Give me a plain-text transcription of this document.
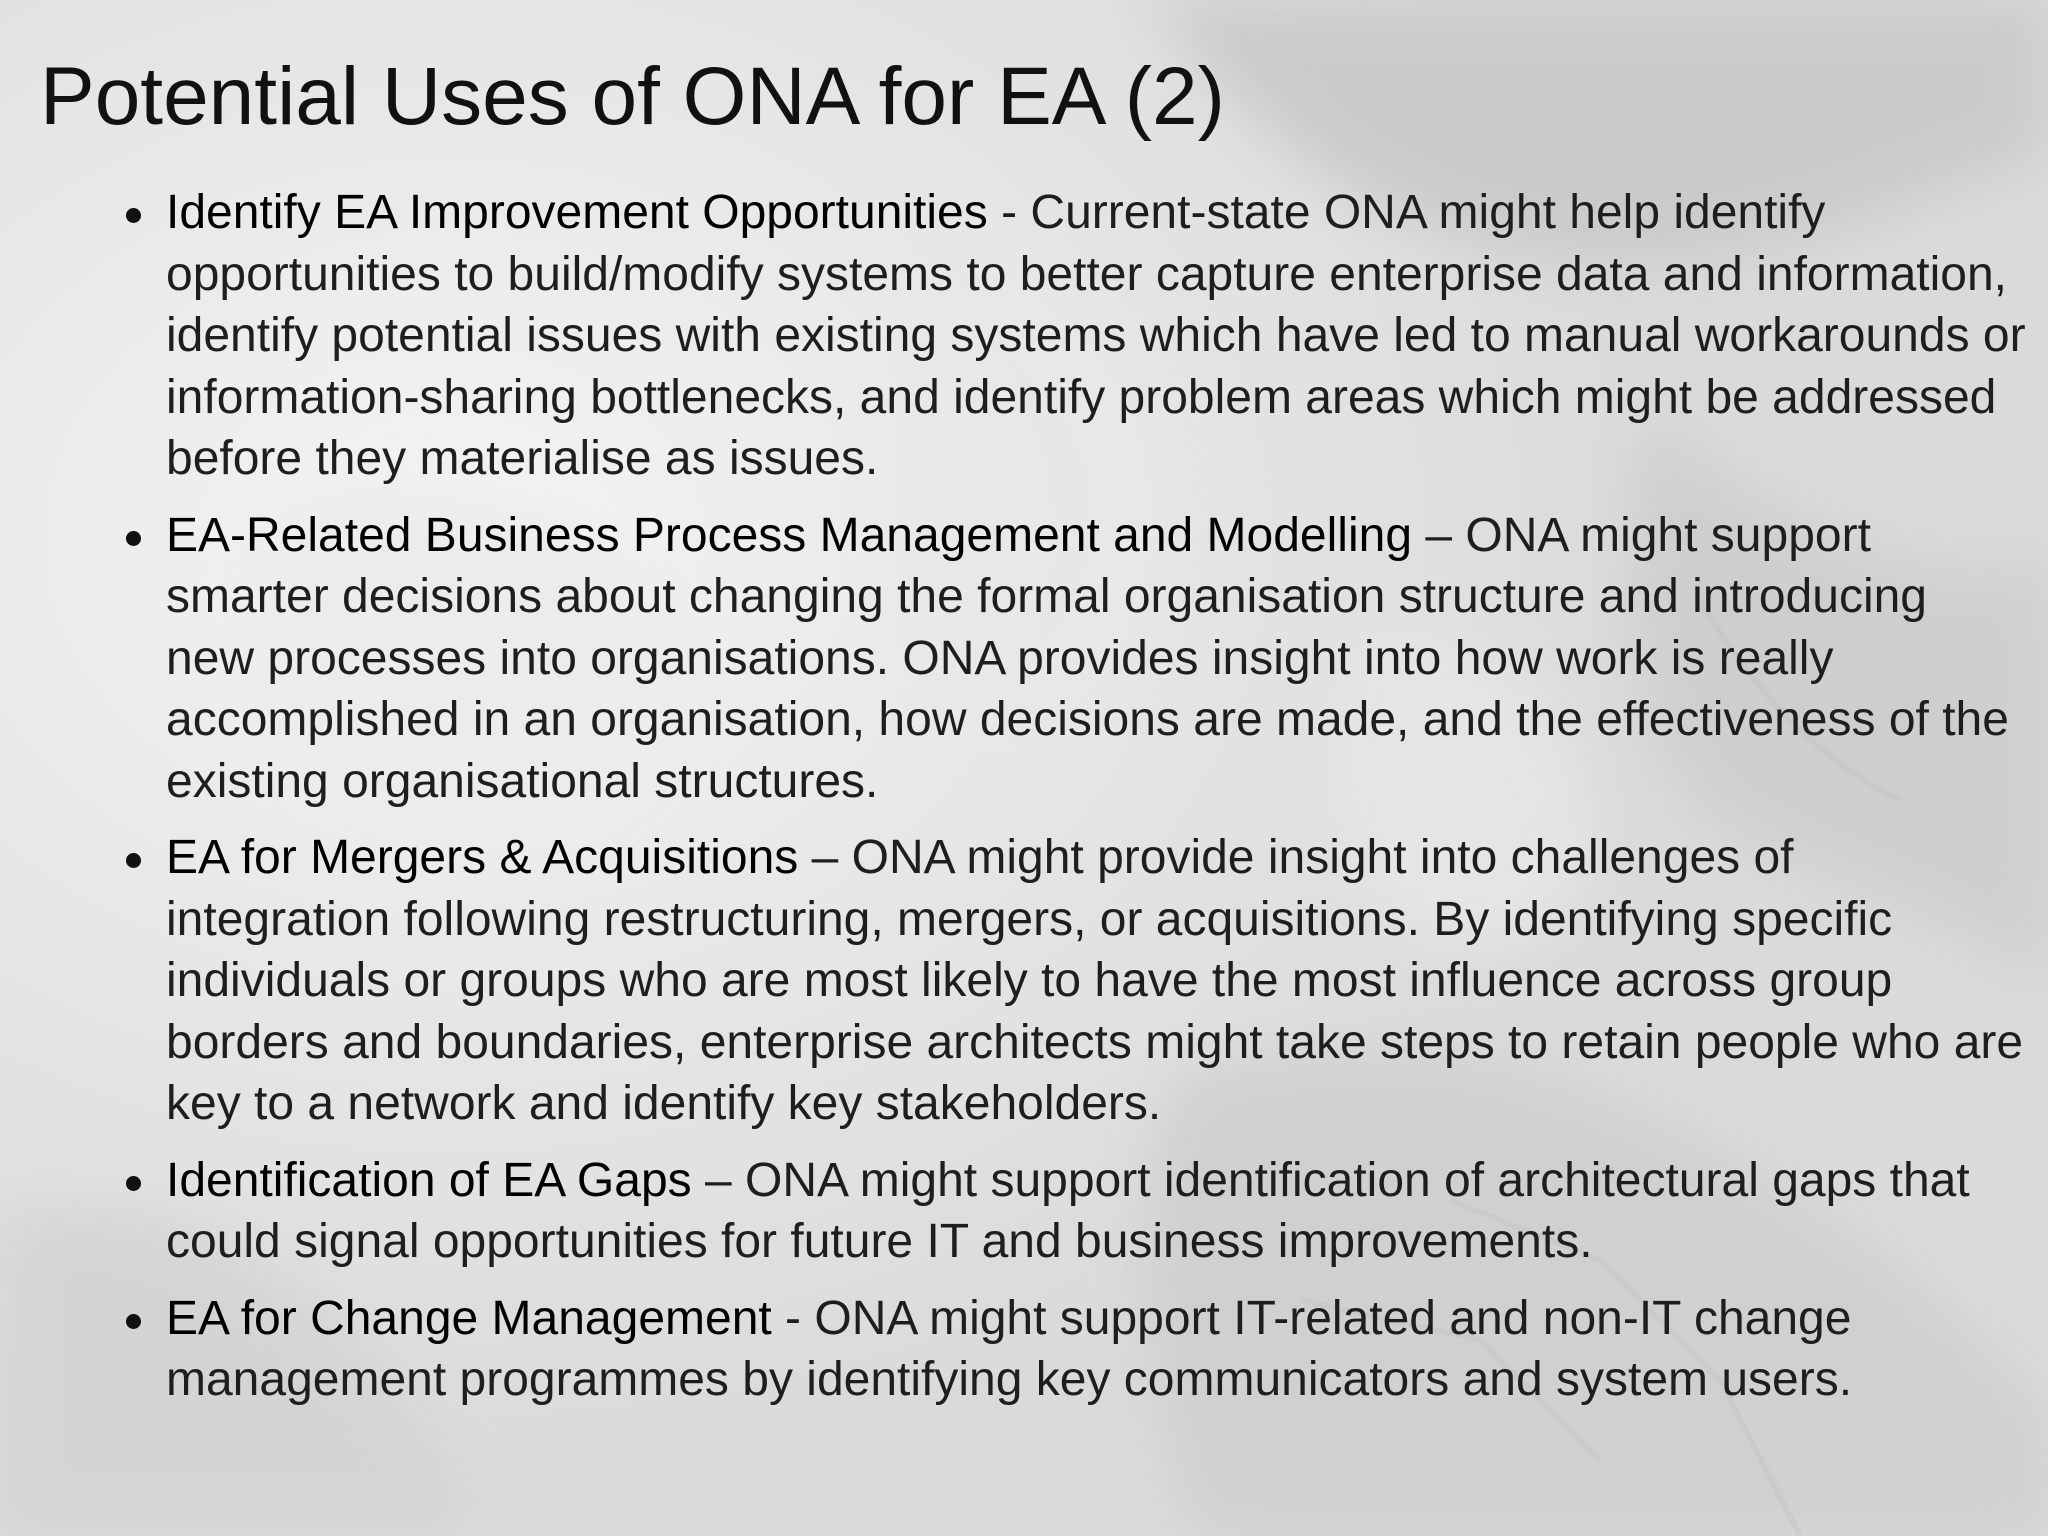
Potential Uses of ONA for EA (2)
Identify EA Improvement Opportunities - Current-state ONA might help identify opportunities to build/modify systems to better capture enterprise data and information, identify potential issues with existing systems which have led to manual workarounds or information-sharing bottlenecks, and identify problem areas which might be addressed before they materialise as issues.
EA-Related Business Process Management and Modelling – ONA might support smarter decisions about changing the formal organisation structure and introducing new processes into organisations. ONA provides insight into how work is really accomplished in an organisation, how decisions are made, and the effectiveness of the existing organisational structures.
EA for Mergers & Acquisitions – ONA might provide insight into challenges of integration following restructuring, mergers, or acquisitions. By identifying specific individuals or groups who are most likely to have the most influence across group borders and boundaries, enterprise architects might take steps to retain people who are key to a network and identify key stakeholders.
Identification of EA Gaps – ONA might support identification of architectural gaps that could signal opportunities for future IT and business improvements.
EA for Change Management - ONA might support IT-related and non-IT change management programmes by identifying key communicators and system users.
